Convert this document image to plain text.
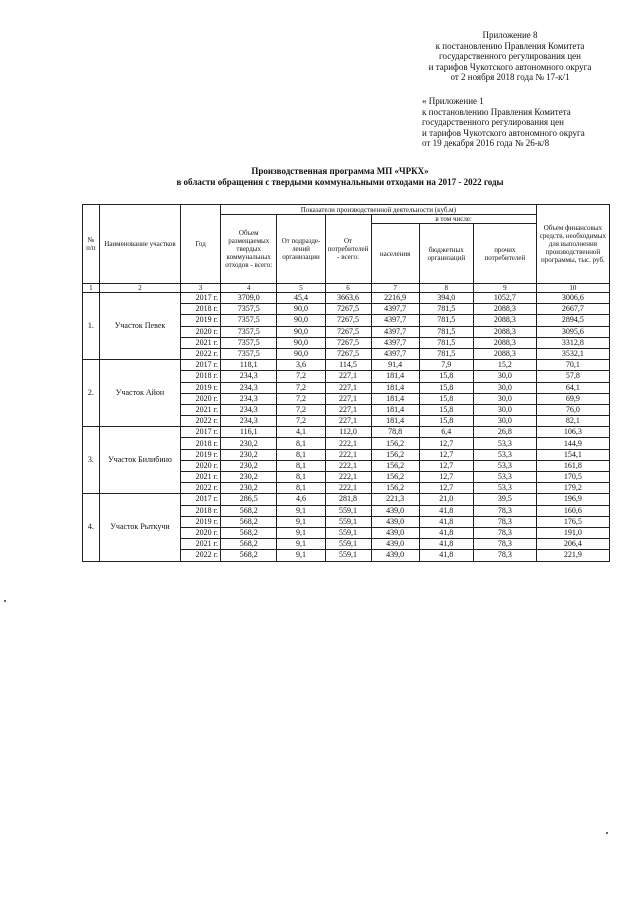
Приложение 8
к постановлению Правления Комитета
государственного регулирования цен
и тарифов Чукотского автономного округа
от 2 ноября 2018 года № 17-к/1
« Приложение 1
к постановлению Правления Комитета
государственного регулирования цен
и тарифов Чукотского автономного округа
от 19 декабря 2016 года № 26-к/8
Производственная программа МП «ЧРКХ»
в области обращения с твердыми коммунальными отходами на 2017 - 2022 годы
№ п/п	Наименование участков	Год	Показатели производственной деятельности (куб.м)						Объем финансовых средств, необходимых для выполнения производственной программы, тыс. руб.
			Объем размещаемых твердых коммунальных отходов - всего:	От подразде-лений организации	От потребителей - всего:	в том числе:			
						населения	бюджетных организаций	прочих потребителей	
1	2	3	4	5	6	7	8	9	10
1.	Участок Певек	2017 г.	3709,0	45,4	3663,6	2216,9	394,0	1052,7	3006,6
		2018 г.	7357,5	90,0	7267,5	4397,7	781,5	2088,3	2667,7
		2019 г.	7357,5	90,0	7267,5	4397,7	781,5	2088,3	2894,5
		2020 г.	7357,5	90,0	7267,5	4397,7	781,5	2088,3	3095,6
		2021 г.	7357,5	90,0	7267,5	4397,7	781,5	2088,3	3312,8
		2022 г.	7357,5	90,0	7267,5	4397,7	781,5	2088,3	3532,1
2.	Участок Айон	2017 г.	118,1	3,6	114,5	91,4	7,9	15,2	70,1
		2018 г.	234,3	7,2	227,1	181,4	15,8	30,0	57,8
		2019 г.	234,3	7,2	227,1	181,4	15,8	30,0	64,1
		2020 г.	234,3	7,2	227,1	181,4	15,8	30,0	69,9
		2021 г.	234,3	7,2	227,1	181,4	15,8	30,0	76,0
		2022 г.	234,3	7,2	227,1	181,4	15,8	30,0	82,1
3.	Участок Билибино	2017 г.	116,1	4,1	112,0	78,8	6,4	26,8	106,3
		2018 г.	230,2	8,1	222,1	156,2	12,7	53,3	144,9
		2019 г.	230,2	8,1	222,1	156,2	12,7	53,3	154,1
		2020 г.	230,2	8,1	222,1	156,2	12,7	53,3	161,8
		2021 г.	230,2	8,1	222,1	156,2	12,7	53,3	170,5
		2022 г.	230,2	8,1	222,1	156,2	12,7	53,3	179,2
4.	Участок Рыткучи	2017 г.	286,5	4,6	281,8	221,3	21,0	39,5	196,9
		2018 г.	568,2	9,1	559,1	439,0	41,8	78,3	160,6
		2019 г.	568,2	9,1	559,1	439,0	41,8	78,3	176,5
		2020 г.	568,2	9,1	559,1	439,0	41,8	78,3	191,0
		2021 г.	568,2	9,1	559,1	439,0	41,8	78,3	206,4
		2022 г.	568,2	9,1	559,1	439,0	41,8	78,3	221,9
